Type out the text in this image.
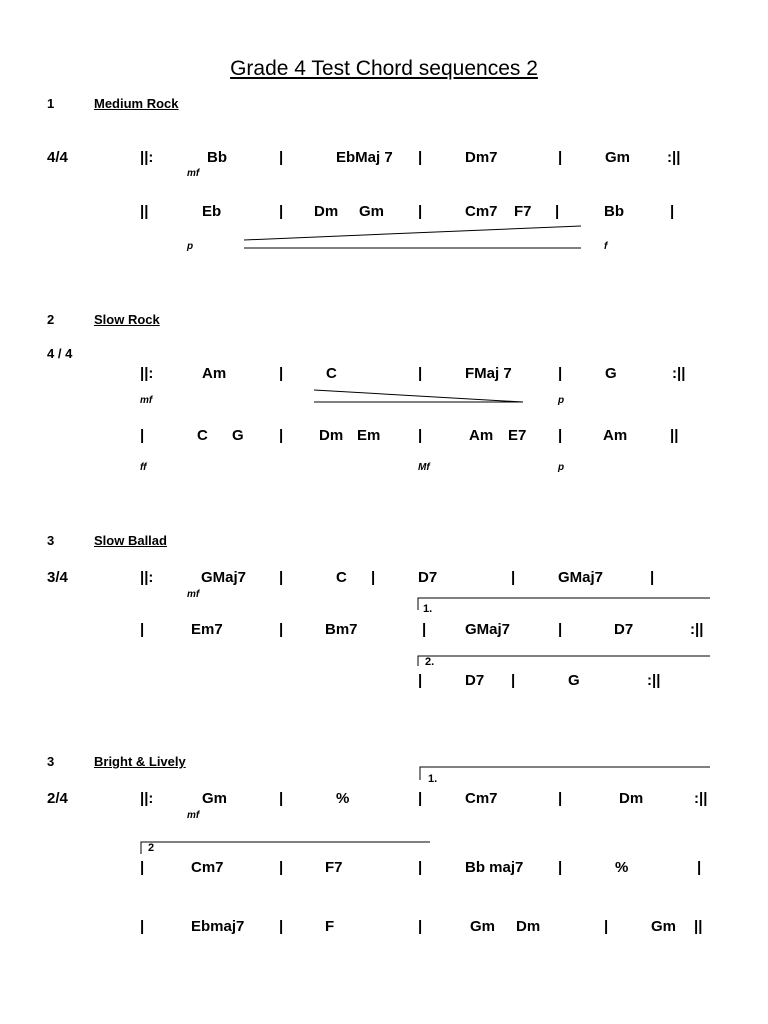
Grade 4 Test Chord sequences 2
1	Medium Rock
4/4	||:	Bb	|	EbMaj 7 |	Dm7	|	Gm :||
mf
||	Eb	| Dm Gm |	Cm7 F7 |	Bb	|
p	f
2	Slow Rock
4 / 4
||:	Am	|	C	|	FMaj 7	|	G	:||
mf	p
|	C G | Dm Em	|	Am E7 |	Am	||
ff	Mf	p
3	Slow Ballad
3/4	||:	GMaj7 |	C |	D7	|	GMaj7	|
mf
1.
|	Em7	|	Bm7	|	GMaj7	|	D7	:||
2.
|	D7 |	G	:||
3	Bright & Lively
1.
2/4	||:	Gm	|	%	|	Cm7	|	Dm	:||
mf
2
|	Cm7	|	F7	|	Bb maj7 |	%	|
|	Ebmaj7 |	F	|	Gm Dm	|	Gm ||
